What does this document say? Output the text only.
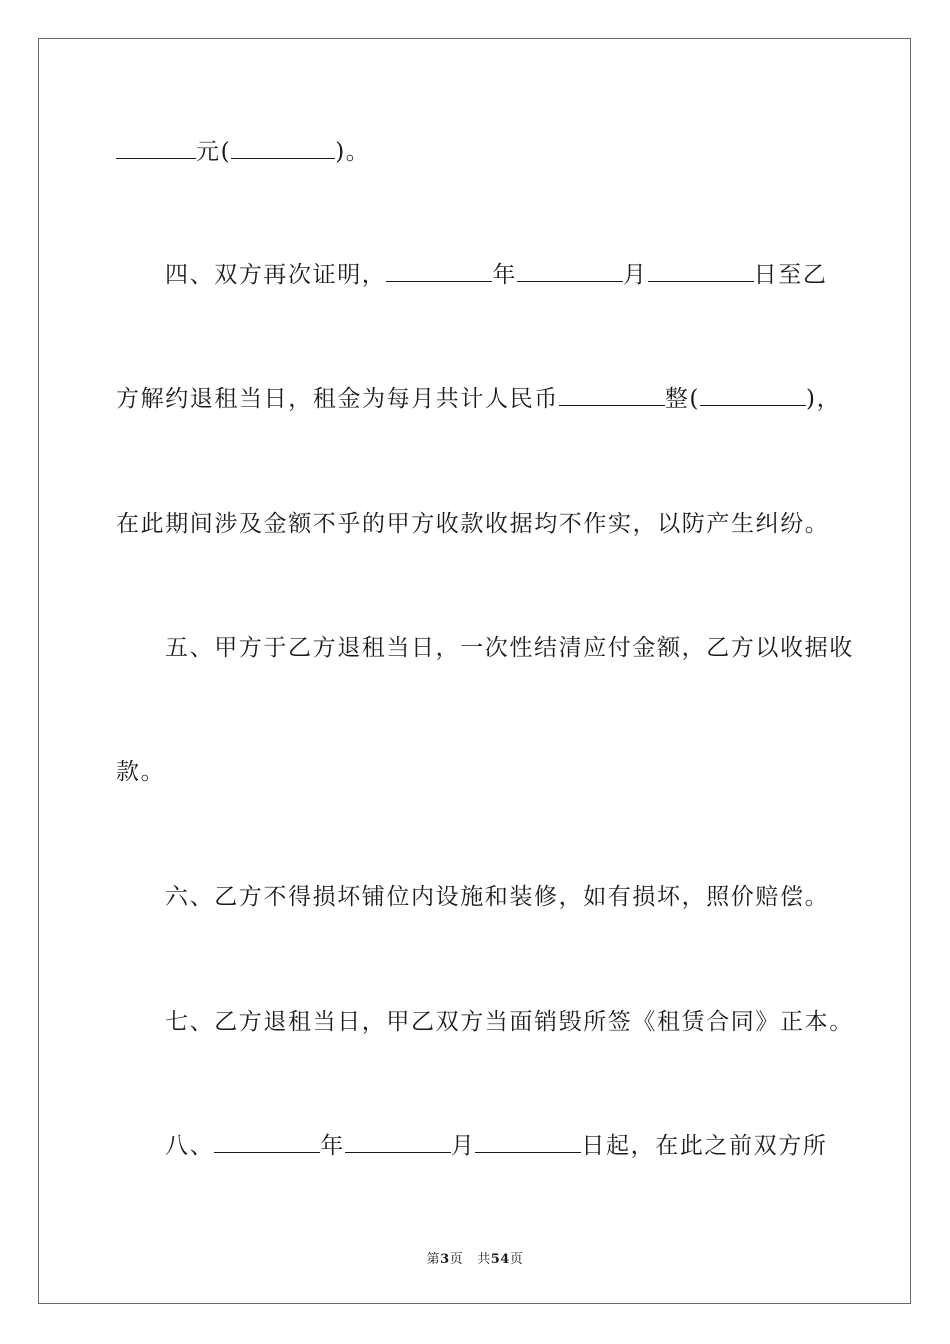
元(	)。
四、双方再次证明，	年	月	日至乙
方解约退租当日，租金为每月共计人民币	整(	)，
在此期间涉及金额不乎的甲方收款收据均不作实，以防产生纠纷。
五、甲方于乙方退租当日，一次性结清应付金额，乙方以收据收
款。
六、乙方不得损坏铺位内设施和装修，如有损坏，照价赔偿。
七、乙方退租当日，甲乙双方当面销毁所签《租赁合同》正本。
八、	年	月	日起，在此之前双方所
第3页 共54页
